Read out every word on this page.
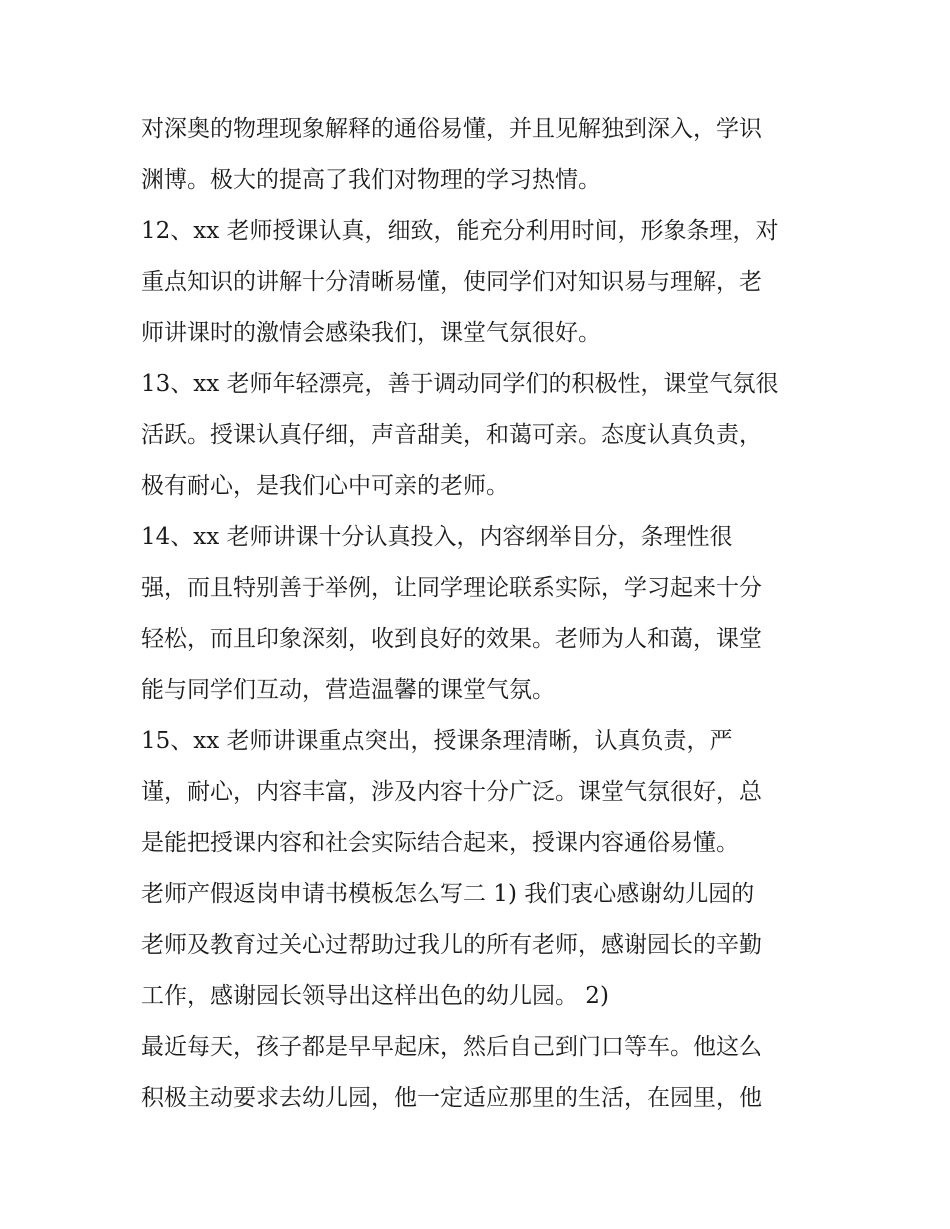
对深奥的物理现象解释的通俗易懂，并且见解独到深入，学识
渊博。极大的提高了我们对物理的学习热情。
12、xx 老师授课认真，细致，能充分利用时间，形象条理，对
重点知识的讲解十分清晰易懂，使同学们对知识易与理解，老
师讲课时的激情会感染我们，课堂气氛很好。
13、xx 老师年轻漂亮，善于调动同学们的积极性，课堂气氛很
活跃。授课认真仔细，声音甜美，和蔼可亲。态度认真负责，
极有耐心，是我们心中可亲的老师。
14、xx 老师讲课十分认真投入，内容纲举目分，条理性很
强，而且特别善于举例，让同学理论联系实际，学习起来十分
轻松，而且印象深刻，收到良好的效果。老师为人和蔼，课堂
能与同学们互动，营造温馨的课堂气氛。
15、xx 老师讲课重点突出，授课条理清晰，认真负责，严
谨，耐心，内容丰富，涉及内容十分广泛。课堂气氛很好，总
是能把授课内容和社会实际结合起来，授课内容通俗易懂。
老师产假返岗申请书模板怎么写二 1) 我们衷心感谢幼儿园的
老师及教育过关心过帮助过我儿的所有老师，感谢园长的辛勤
工作，感谢园长领导出这样出色的幼儿园。 2)
最近每天，孩子都是早早起床，然后自己到门口等车。他这么
积极主动要求去幼儿园，他一定适应那里的生活，在园里，他
